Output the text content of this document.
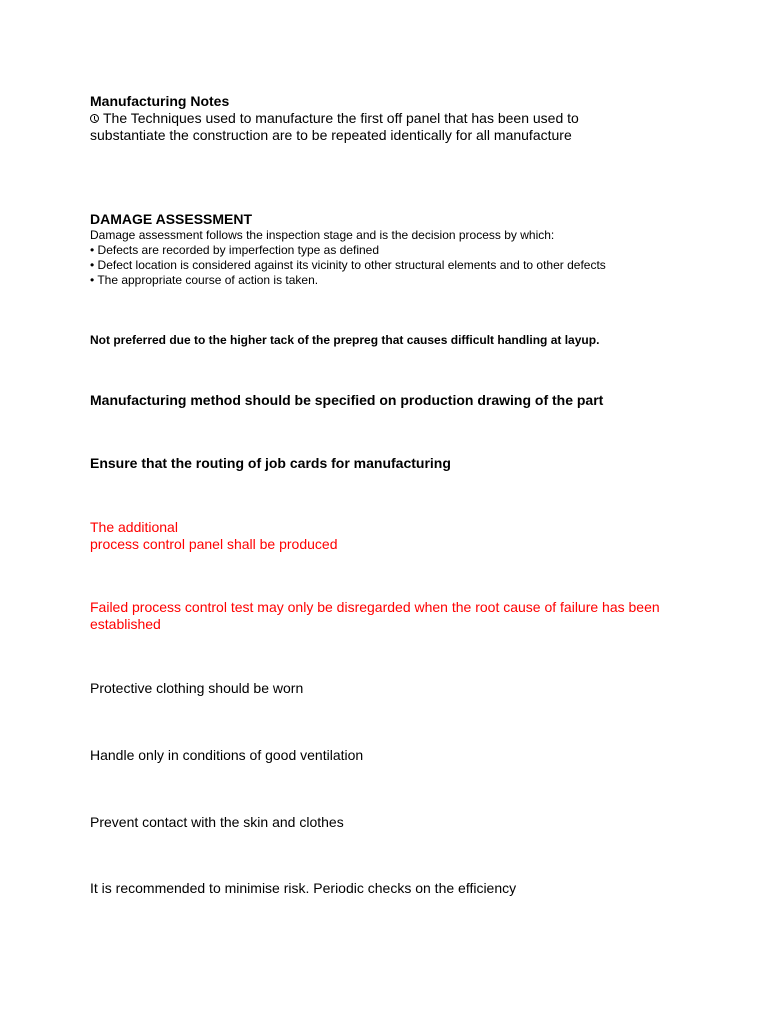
Manufacturing Notes
The Techniques used to manufacture the first off panel that has been used to
substantiate the construction are to be repeated identically for all manufacture
DAMAGE ASSESSMENT
Damage assessment follows the inspection stage and is the decision process by which:
• Defects are recorded by imperfection type as defined
• Defect location is considered against its vicinity to other structural elements and to other defects
• The appropriate course of action is taken.
Not preferred due to the higher tack of the prepreg that causes difficult handling at layup.
Manufacturing method should be specified on production drawing of the part
Ensure that the routing of job cards for manufacturing
The additional
process control panel shall be produced
Failed process control test may only be disregarded when the root cause of failure has been
established
Protective clothing should be worn
Handle only in conditions of good ventilation
Prevent contact with the skin and clothes
It is recommended to minimise risk. Periodic checks on the efficiency
